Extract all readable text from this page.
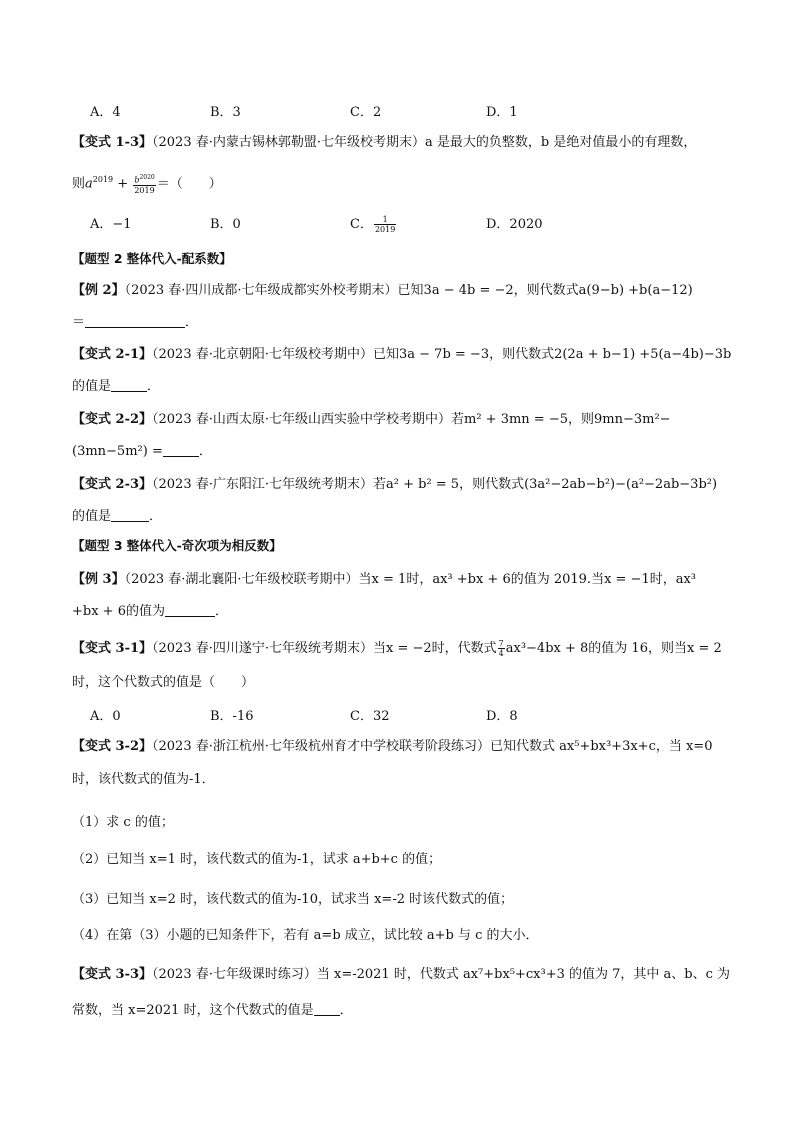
A．4	B．3	C．2	D．1
【变式 1-3】（2023 春·内蒙古锡林郭勒盟·七年级校考期末）a 是最大的负整数，b 是绝对值最小的有理数，
则$a^{2019} + \frac{b^{2020}}{2019}$ ＝（　　）
A．−1	B．0	C． $\frac{1}{2019}$	D．2020
【题型 2 整体代入-配系数】
【例 2】（2023 春·四川成都·七年级成都实外校考期末）已知3a − 4b = −2，则代数式a(9−b) +b(a−12)
＝	．
【变式 2-1】（2023 春·北京朝阳·七年级校考期中）已知3a − 7b = −3，则代数式2(2a + b−1) +5(a−4b)−3b
的值是	．
【变式 2-2】（2023 春·山西太原·七年级山西实验中学校考期中）若m² + 3mn = −5，则9mn−3m²−
(3mn−5m²) =	．
【变式 2-3】（2023 春·广东阳江·七年级统考期末）若a² + b² = 5，则代数式(3a²−2ab−b²)−(a²−2ab−3b²)
的值是	．
【题型 3 整体代入-奇次项为相反数】
【例 3】（2023 春·湖北襄阳·七年级校联考期中）当x = 1时，ax³ +bx + 6的值为 2019.当x = −1时，ax³
+bx + 6的值为	．
【变式 3-1】（2023 春·四川遂宁·七年级统考期末）当x = −2时，代数式 $\frac{7}{4} ax^3-4bx + 8$的值为 16，则当x = 2
时，这个代数式的值是（　　）
A．0	B．-16	C．32	D．8
【变式 3-2】（2023 春·浙江杭州·七年级杭州育才中学校联考阶段练习）已知代数式 ax⁵+bx³+3x+c，当 x=0
时，该代数式的值为-1．
（1）求 c 的值；
（2）已知当 x=1 时，该代数式的值为-1，试求 a+b+c 的值；
（3）已知当 x=2 时，该代数式的值为-10，试求当 x=-2 时该代数式的值；
（4）在第（3）小题的已知条件下，若有 a=b 成立，试比较 a+b 与 c 的大小．
【变式 3-3】（2023 春·七年级课时练习）当 x=-2021 时，代数式 ax⁷+bx⁵+cx³+3 的值为 7，其中 a、b、c 为
常数，当 x=2021 时，这个代数式的值是 ．
